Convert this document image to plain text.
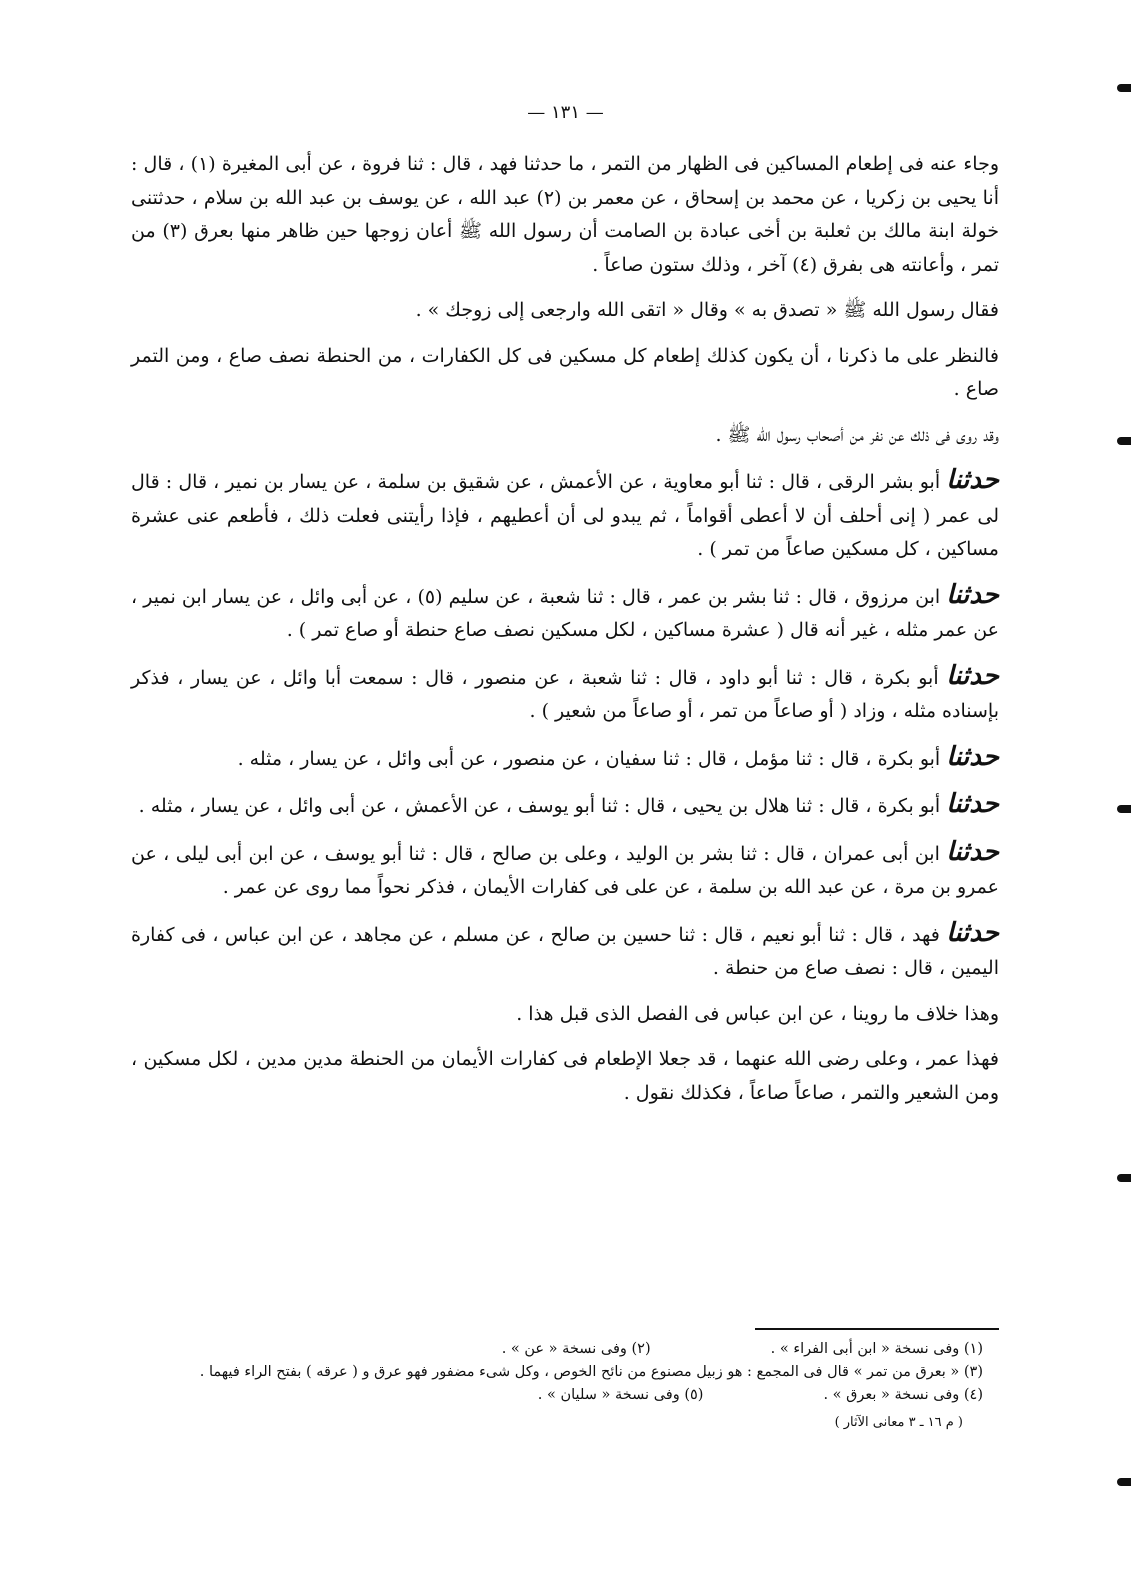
— ١٣١ —

وجاء عنه فى إطعام المساكين فى الظهار من التمر ، ما حدثنا فهد ، قال : ثنا فروة ، عن أبى المغيرة (١) ، قال : أنا يحيى بن زكريا ، عن محمد بن إسحاق ، عن معمر بن (٢) عبد الله ، عن يوسف بن عبد الله بن سلام ، حدثتنى خولة ابنة مالك بن ثعلبة بن أخى عبادة بن الصامت أن رسول الله ﷺ أعان زوجها حين ظاهر منها بعرق (٣) من تمر ، وأعانته هى بفرق (٤) آخر ، وذلك ستون صاعاً .

فقال رسول الله ﷺ « تصدق به » وقال « اتقى الله وارجعى إلى زوجك » .

فالنظر على ما ذكرنا ، أن يكون كذلك إطعام كل مسكين فى كل الكفارات ، من الحنطة نصف صاع ، ومن التمر صاع .

وقد روى فى ذلك عن نفر من أصحاب رسول الله ﷺ .

حدثنا أبو بشر الرقى ، قال : ثنا أبو معاوية ، عن الأعمش ، عن شقيق بن سلمة ، عن يسار بن نمير ، قال : قال لى عمر ( إنى أحلف أن لا أعطى أقواماً ، ثم يبدو لى أن أعطيهم ، فإذا رأيتنى فعلت ذلك ، فأطعم عنى عشرة مساكين ، كل مسكين صاعاً من تمر ) .

حدثنا ابن مرزوق ، قال : ثنا بشر بن عمر ، قال : ثنا شعبة ، عن سليم (٥) ، عن أبى وائل ، عن يسار ابن نمير ، عن عمر مثله ، غير أنه قال ( عشرة مساكين ، لكل مسكين نصف صاع حنطة أو صاع تمر ) .

حدثنا أبو بكرة ، قال : ثنا أبو داود ، قال : ثنا شعبة ، عن منصور ، قال : سمعت أبا وائل ، عن يسار ، فذكر بإسناده مثله ، وزاد ( أو صاعاً من تمر ، أو صاعاً من شعير ) .

حدثنا أبو بكرة ، قال : ثنا مؤمل ، قال : ثنا سفيان ، عن منصور ، عن أبى وائل ، عن يسار ، مثله .

حدثنا أبو بكرة ، قال : ثنا هلال بن يحيى ، قال : ثنا أبو يوسف ، عن الأعمش ، عن أبى وائل ، عن يسار ، مثله .

حدثنا ابن أبى عمران ، قال : ثنا بشر بن الوليد ، وعلى بن صالح ، قال : ثنا أبو يوسف ، عن ابن أبى ليلى ، عن عمرو بن مرة ، عن عبد الله بن سلمة ، عن على فى كفارات الأيمان ، فذكر نحواً مما روى عن عمر .

حدثنا فهد ، قال : ثنا أبو نعيم ، قال : ثنا حسين بن صالح ، عن مسلم ، عن مجاهد ، عن ابن عباس ، فى كفارة اليمين ، قال : نصف صاع من حنطة .

وهذا خلاف ما روينا ، عن ابن عباس فى الفصل الذى قبل هذا .

فهذا عمر ، وعلى رضى الله عنهما ، قد جعلا الإطعام فى كفارات الأيمان من الحنطة مدين مدين ، لكل مسكين ، ومن الشعير والتمر ، صاعاً صاعاً ، فكذلك نقول .

(١) وفى نسخة « ابن أبى الفراء » .
(٢) وفى نسخة « عن » .
(٣) « بعرق من تمر » قال فى المجمع : هو زبيل مصنوع من نائح الخوص ، وكل شىء مضفور فهو عرق و ( عرقه ) بفتح الراء فيهما .
(٤) وفى نسخة « بعرق » .
(٥) وفى نسخة « سليان » .
( م ١٦ ـ ٣ معانى الآثار )
